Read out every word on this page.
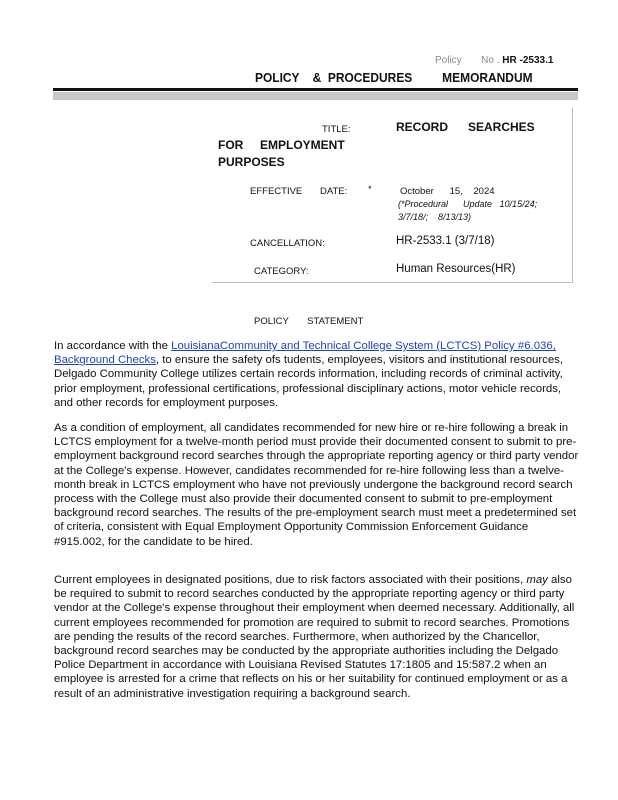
Policy No . HR -2533.1
POLICY    &  PROCEDURES         MEMORANDUM
TITLE:	RECORD      SEARCHES
FOR     EMPLOYMENT
PURPOSES
EFFECTIVE DATE: *	October      15,    2024
(*Procedural      Update   10/15/24;
3/7/18/;    8/13/13)
CANCELLATION:	HR-2533.1 (3/7/18)
CATEGORY:	Human Resources(HR)
POLICY       STATEMENT

In accordance with the LouisianaCommunity and Technical College System (LCTCS) Policy #6.036, Background Checks, to ensure the safety ofs tudents, employees, visitors and institutional resources, Delgado Community College utilizes certain records information, including records of criminal activity, prior employment, professional certifications, professional disciplinary actions, motor vehicle records, and other records for employment purposes.

As a condition of employment, all candidates recommended for new hire or re-hire following a break in LCTCS employment for a twelve-month period must provide their documented consent to submit to pre-employment background record searches through the appropriate reporting agency or third party vendor at the College's expense. However, candidates recommended for re-hire following less than a twelve-month break in LCTCS employment who have not previously undergone the background record search process with the College must also provide their documented consent to submit to pre-employment background record searches. The results of the pre-employment search must meet a predetermined set of criteria, consistent with Equal Employment Opportunity Commission Enforcement Guidance #915.002, for the candidate to be hired.

Current employees in designated positions, due to risk factors associated with their positions, may also be required to submit to record searches conducted by the appropriate reporting agency or third party vendor at the College's expense throughout their employment when deemed necessary. Additionally, all current employees recommended for promotion are required to submit to record searches. Promotions are pending the results of the record searches. Furthermore, when authorized by the Chancellor, background record searches may be conducted by the appropriate authorities including the Delgado Police Department in accordance with Louisiana Revised Statutes 17:1805 and 15:587.2 when an employee is arrested for a crime that reflects on his or her suitability for continued employment or as a result of an administrative investigation requiring a background search.
